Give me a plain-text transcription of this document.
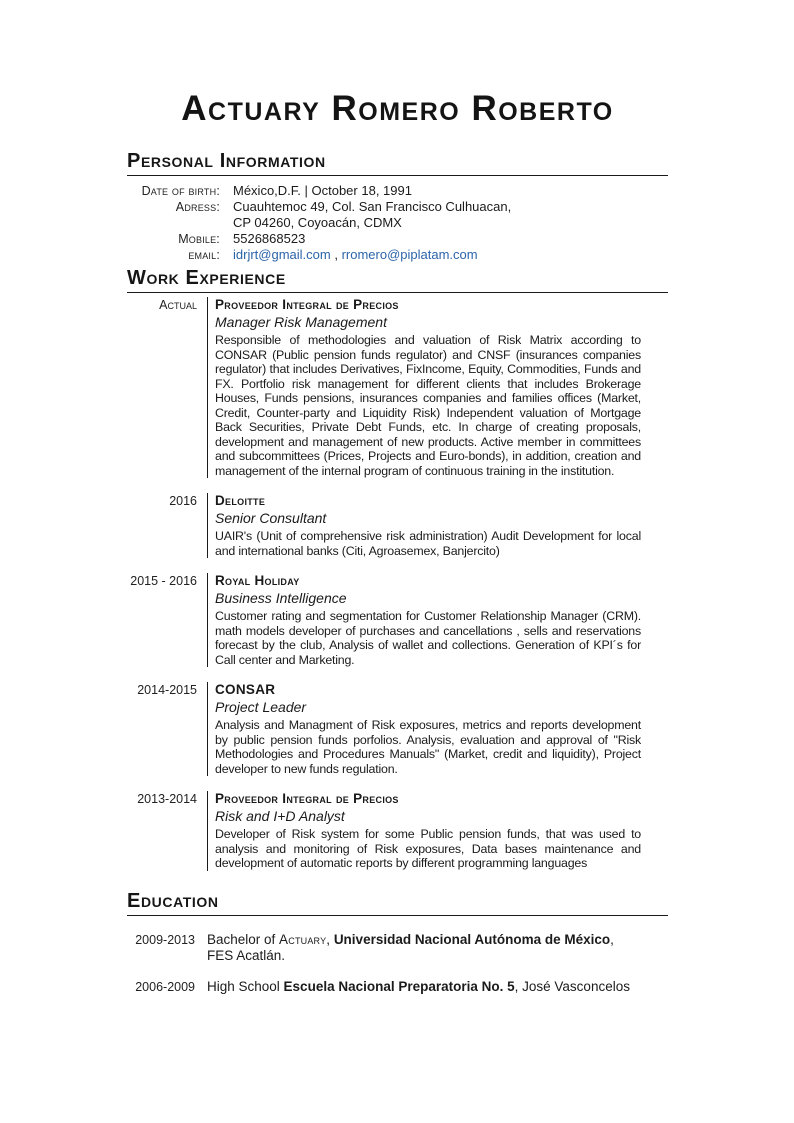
Actuary Romero Roberto
Personal Information
Date of birth: México,D.F. | October 18, 1991
Adress: Cuauhtemoc 49, Col. San Francisco Culhuacan,
CP 04260, Coyoacán, CDMX
Mobile: 5526868523
email: idrjrt@gmail.com , rromero@piplatam.com
Work Experience
Actual	Proveedor Integral de Precios
Manager Risk Management

Responsible of methodologies and valuation of Risk Matrix according to CONSAR (Public pension funds regulator) and CNSF (insurances companies regulator) that includes Derivatives, FixIncome, Equity, Commodities, Funds and FX. Portfolio risk management for different clients that includes Brokerage Houses, Funds pensions, insurances companies and families offices (Market, Credit, Counter-party and Liquidity Risk) Independent valuation of Mortgage Back Securities, Private Debt Funds, etc. In charge of creating proposals, development and management of new products. Active member in committees and subcommittees (Prices, Projects and Euro-bonds), in addition, creation and management of the internal program of continuous training in the institution.

2016	Deloitte
Senior Consultant

UAIR's (Unit of comprehensive risk administration) Audit Development for local and international banks (Citi, Agroasemex, Banjercito)

2015 - 2016	Royal Holiday
Business Intelligence

Customer rating and segmentation for Customer Relationship Manager (CRM). math models developer of purchases and cancellations , sells and reservations forecast by the club, Analysis of wallet and collections. Generation of KPI´s for Call center and Marketing.

2014-2015	CONSAR
Project Leader

Analysis and Managment of Risk exposures, metrics and reports development by public pension funds porfolios. Analysis, evaluation and approval of "Risk Methodologies and Procedures Manuals" (Market, credit and liquidity), Project developer to new funds regulation.

2013-2014	Proveedor Integral de Precios
Risk and I+D Analyst

Developer of Risk system for some Public pension funds, that was used to analysis and monitoring of Risk exposures, Data bases maintenance and development of automatic reports by different programming languages

Education
2009-2013 Bachelor of Actuary, Universidad Nacional Autónoma de México,
FES Acatlán.
2006-2009 High School Escuela Nacional Preparatoria No. 5, José Vasconcelos
